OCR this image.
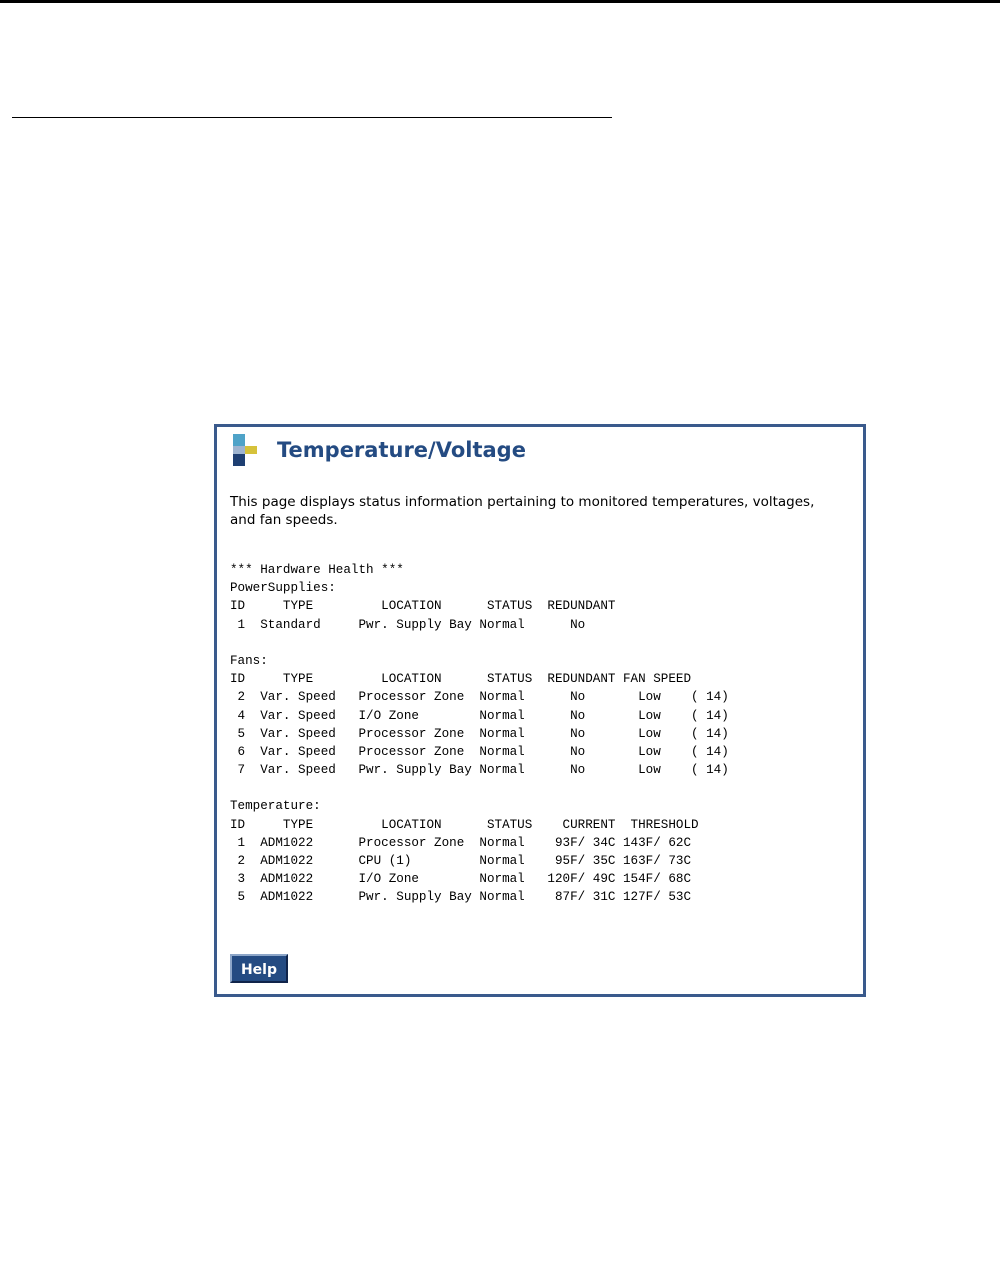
Temperature/Voltage
This page displays status information pertaining to monitored temperatures, voltages, and fan speeds.
*** Hardware Health ***
PowerSupplies:
ID     TYPE         LOCATION      STATUS  REDUNDANT
1  Standard     Pwr. Supply Bay Normal      No
Fans:
ID     TYPE         LOCATION      STATUS  REDUNDANT FAN SPEED
2  Var. Speed   Processor Zone  Normal      No       Low    ( 14)
4  Var. Speed   I/O Zone        Normal      No       Low    ( 14)
5  Var. Speed   Processor Zone  Normal      No       Low    ( 14)
6  Var. Speed   Processor Zone  Normal      No       Low    ( 14)
7  Var. Speed   Pwr. Supply Bay Normal      No       Low    ( 14)
Temperature:
ID     TYPE         LOCATION      STATUS    CURRENT  THRESHOLD
1  ADM1022      Processor Zone  Normal    93F/ 34C 143F/ 62C
2  ADM1022      CPU (1)         Normal    95F/ 35C 163F/ 73C
3  ADM1022      I/O Zone        Normal   120F/ 49C 154F/ 68C
5  ADM1022      Pwr. Supply Bay Normal    87F/ 31C 127F/ 53C
Help
